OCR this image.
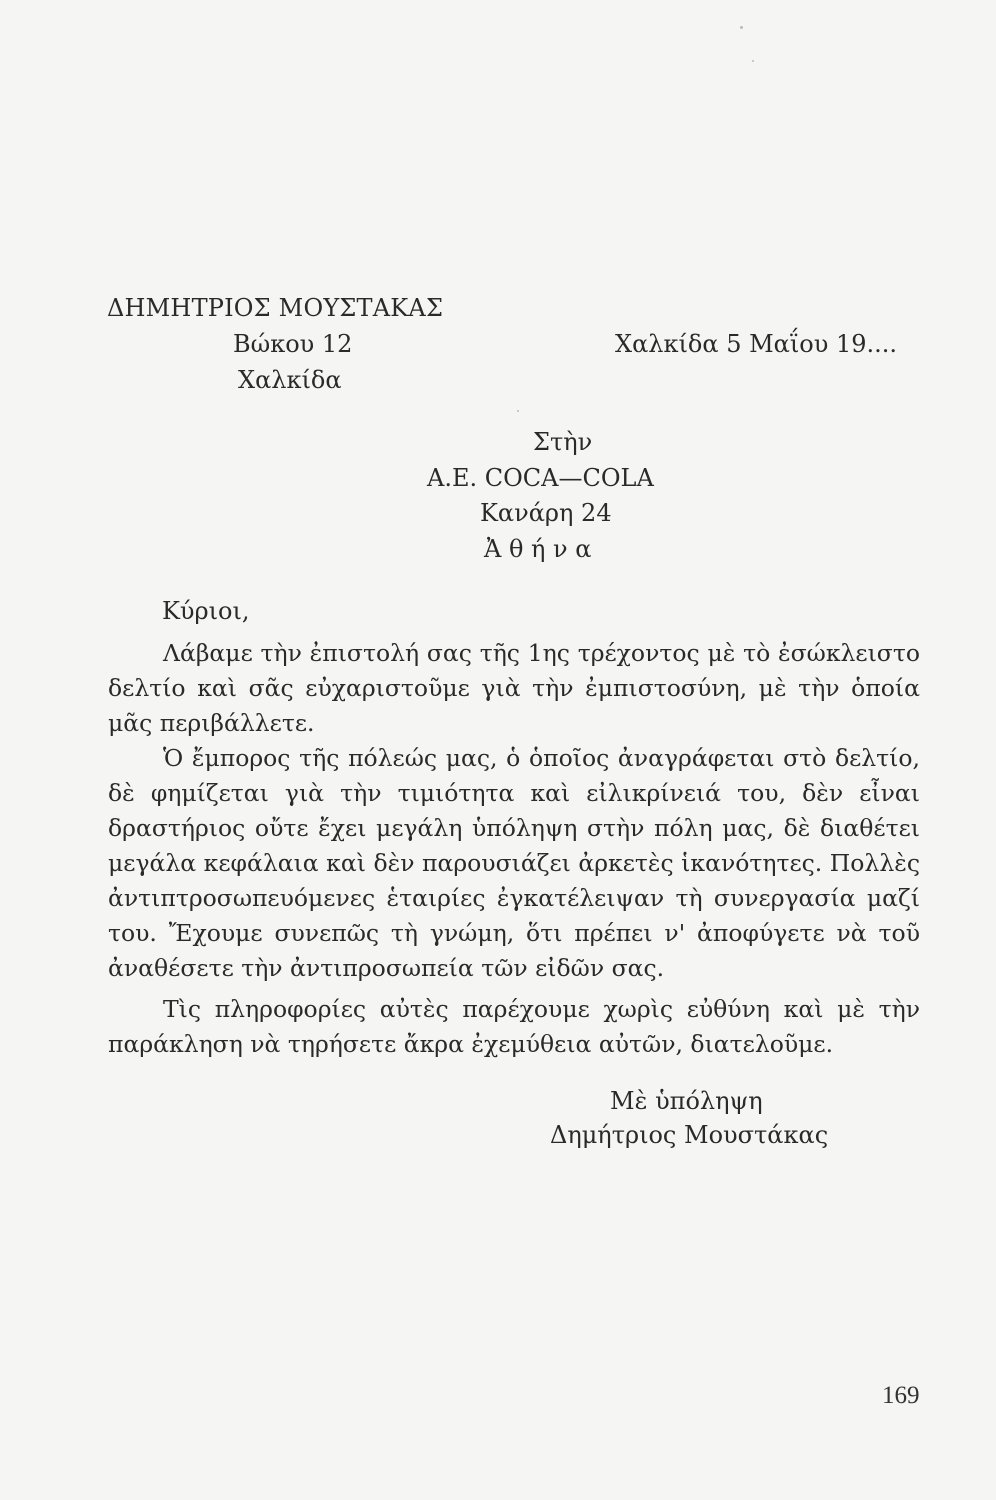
ΔΗΜΗΤΡΙΟΣ ΜΟΥΣΤΑΚΑΣ
Βώκου 12
Χαλκίδα
Χαλκίδα 5 Μαΐου 19....
Στὴν
Α.Ε. COCA—COLA
Κανάρη 24
Ἀ θ ή ν α
Κύριοι,

Λάβαμε τὴν ἐπιστολή σας τῆς 1ης τρέχοντος μὲ τὸ ἐσώκλειστο δελτίο καὶ σᾶς εὐχαριστοῦμε γιὰ τὴν ἐμπιστοσύνη, μὲ τὴν ὁποία μᾶς περιβάλλετε.

Ὁ ἔμπορος τῆς πόλεώς μας, ὁ ὁποῖος ἀναγράφεται στὸ δελτίο, δὲ φημίζεται γιὰ τὴν τιμιότητα καὶ εἰλικρίνειά του, δὲν εἶναι δραστήριος οὔτε ἔχει μεγάλη ὑπόληψη στὴν πόλη μας, δὲ διαθέτει μεγάλα κεφάλαια καὶ δὲν παρουσιάζει ἀρκετὲς ἱκανότητες. Πολλὲς ἀντιπτροσωπευόμενες ἑταιρίες ἐγκατέλειψαν τὴ συνεργασία μαζί του. Ἔχουμε συνεπῶς τὴ γνώμη, ὅτι πρέπει ν' ἀποφύγετε νὰ τοῦ ἀναθέσετε τὴν ἀντιπροσωπεία τῶν εἰδῶν σας.

Τὶς πληροφορίες αὐτὲς παρέχουμε χωρὶς εὐθύνη καὶ μὲ τὴν παράκληση νὰ τηρήσετε ἄκρα ἐχεμύθεια αὐτῶν, διατελοῦμε.

Μὲ ὑπόληψη
Δημήτριος Μουστάκας
169
